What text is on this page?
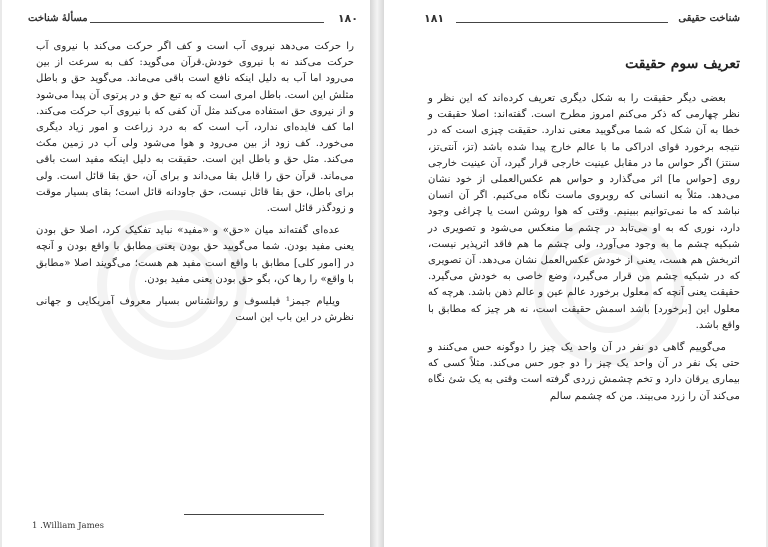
۱۸۰
مسألهٔ شناخت

را حرکت می‌دهد نیروی آب است و کف اگر حرکت می‌کند با نیروی آب حرکت می‌کند نه با نیروی خودش.قرآن می‌گوید: کف به سرعت از بین می‌رود اما آب به دلیل اینکه نافع است باقی می‌ماند. می‌گوید حق و باطل مثلش این است. باطل امری است که به تبع حق و در پرتوی آن پیدا می‌شود و از نیروی حق استفاده می‌کند مثل آن کفی که با نیروی آب حرکت می‌کند. اما کف فایده‌ای ندارد، آب است که به درد زراعت و امور زیاد دیگری می‌خورد. کف زود از بین می‌رود و هوا می‌شود ولی آب در زمین مکث می‌کند. مثل حق و باطل این است. حقیقت به دلیل اینکه مفید است باقی می‌ماند. قرآن حق را قابل بقا می‌داند و برای آن، حق بقا قائل است. ولی برای باطل، حق بقا قائل نیست، حق جاودانه قائل است؛ بقای بسیار موقت و زودگذر قائل است.

عده‌ای گفته‌اند میان «حق» و «مفید» نباید تفکیک کرد، اصلا حق بودن یعنی مفید بودن. شما می‌گویید حق بودن یعنی مطابق با واقع بودن و آنچه در [امور کلی] مطابق با واقع است مفید هم هست؛ می‌گویند اصلا «مطابق با واقع» را رها کن، بگو حق بودن یعنی مفید بودن.

ویلیام جیمز¹ فیلسوف و روانشناس بسیار معروف آمریکایی و جهانی نظرش در این باب این است

1 .William James
۱۸۱	شناخت حقیقی
تعریف سوم حقیقت

بعضی دیگر حقیقت را به شکل دیگری تعریف کرده‌اند که این نظر و نظر چهارمی که ذکر می‌کنم امروز مطرح است. گفته‌اند: اصلا حقیقت و خطا به آن شکل که شما می‌گویید معنی ندارد. حقیقت چیزی است که در نتیجه برخورد قوای ادراکی ما با عالم خارج پیدا شده باشد (تز، آنتی‌تز، سنتز) اگر حواس ما در مقابل عینیت خارجی قرار گیرد، آن عینیت خارجی روی [حواس ما] اثر می‌گذارد و حواس هم عکس‌العملی از خود نشان می‌دهد. مثلاً به انسانی که روبروی ماست نگاه می‌کنیم. اگر آن انسان نباشد که ما نمی‌توانیم ببینیم. وقتی که هوا روشن است یا چراغی وجود دارد، نوری که به او می‌تابد در چشم ما منعکس می‌شود و تصویری در شبکیه چشم ما به وجود می‌آورد، ولی چشم ما هم فاقد اثرپذیر نیست، اثربخش هم هست، یعنی از خودش عکس‌العمل نشان می‌دهد. آن تصویری که در شبکیه چشم من قرار می‌گیرد، وضع خاصی به خودش می‌گیرد. حقیقت یعنی آنچه که معلول برخورد عالم عین و عالم ذهن باشد. هرچه که معلول این [برخورد] باشد اسمش حقیقت است، نه هر چیز که مطابق با واقع باشد.

می‌گوییم گاهی دو نفر در آن واحد یک چیز را دوگونه حس می‌کنند و حتی یک نفر در آن واحد یک چیز را دو جور حس می‌کند. مثلاً کسی که بیماری یرقان دارد و تخم چشمش زردی گرفته است وقتی به یک شئ نگاه می‌کند آن را زرد می‌بیند. من که چشمم سالم
